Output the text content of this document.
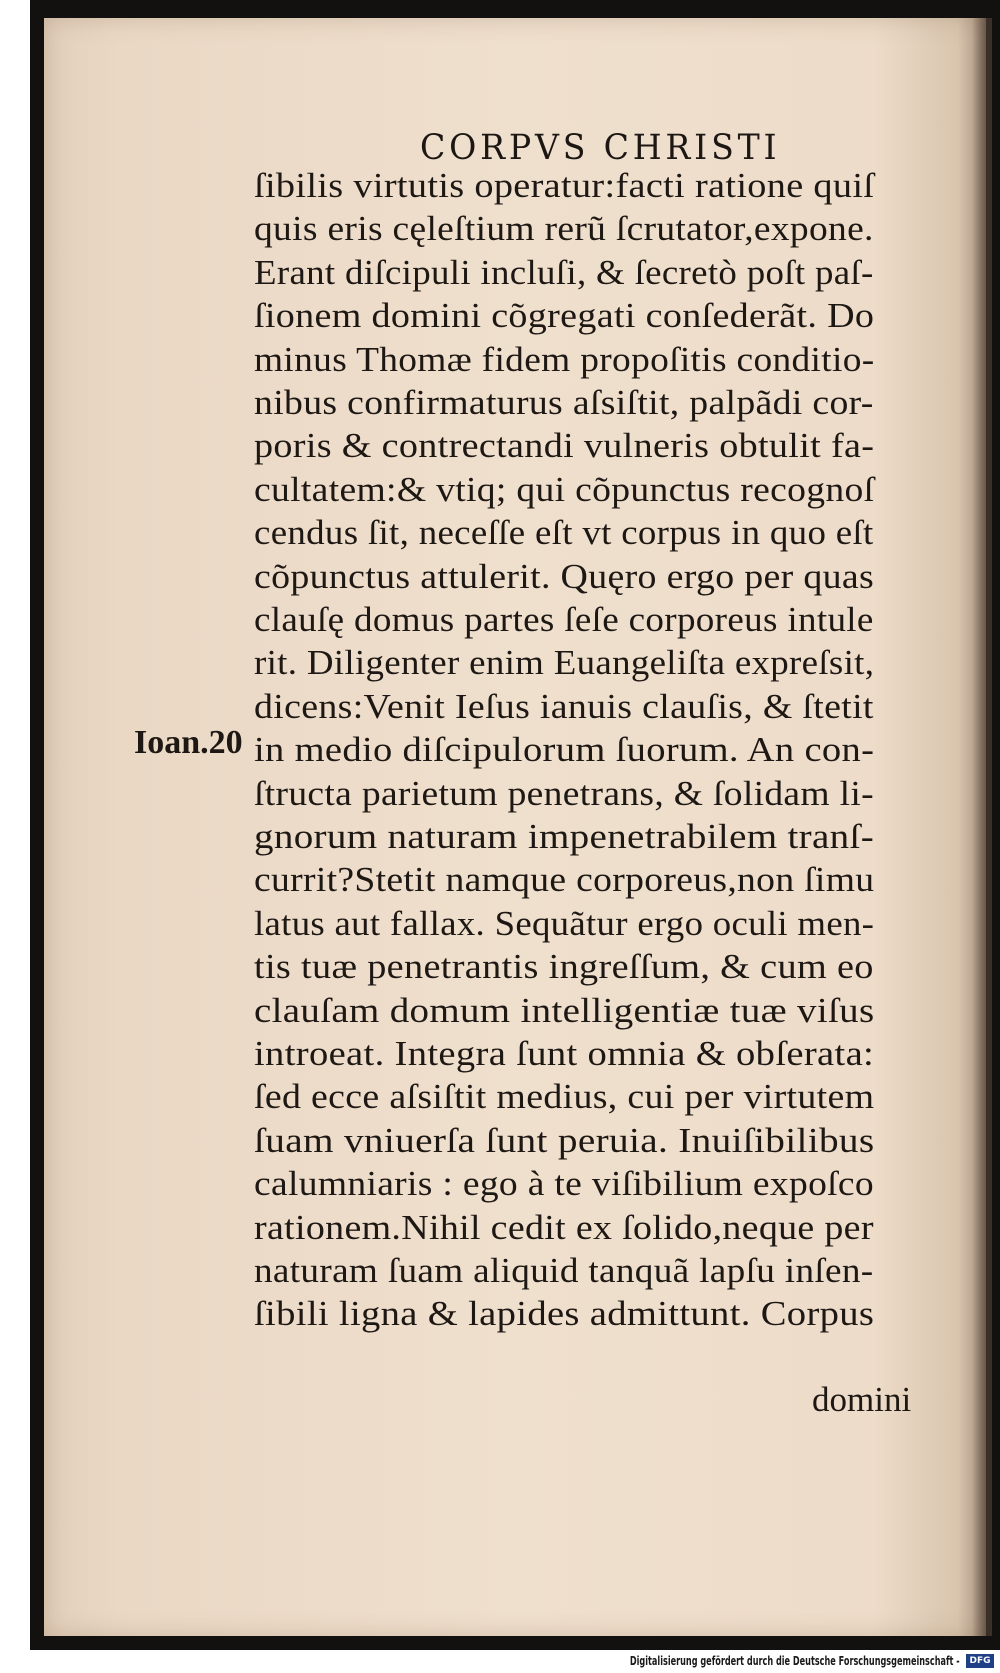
CORPVS CHRISTI
Ioan.20
ſibilis virtutis operatur:facti ratione quiſ
quis eris cęleſtium rerũ ſcrutator,expone.
Erant diſcipuli incluſi, & ſecretò poſt paſ-
ſionem domini cõgregati conſederãt. Do
minus Thomæ fidem propoſitis conditio-
nibus confirmaturus aſsiſtit, palpãdi cor-
poris & contrectandi vulneris obtulit fa-
cultatem:& vtiq; qui cõpunctus recognoſ
cendus ſit, neceſſe eſt vt corpus in quo eſt
cõpunctus attulerit. Quęro ergo per quas
clauſę domus partes ſeſe corporeus intule
rit. Diligenter enim Euangeliſta expreſsit,
dicens:Venit Ieſus ianuis clauſis, & ſtetit
in medio diſcipulorum ſuorum. An con-
ſtructa parietum penetrans, & ſolidam li-
gnorum naturam impenetrabilem tranſ-
currit?Stetit namque corporeus,non ſimu
latus aut fallax. Sequãtur ergo oculi men-
tis tuæ penetrantis ingreſſum, & cum eo
clauſam domum intelligentiæ tuæ viſus
introeat. Integra ſunt omnia & obſerata:
ſed ecce aſsiſtit medius, cui per virtutem
ſuam vniuerſa ſunt peruia. Inuiſibilibus
calumniaris : ego à te viſibilium expoſco
rationem.Nihil cedit ex ſolido,neque per
naturam ſuam aliquid tanquã lapſu inſen-
ſibili ligna & lapides admittunt. Corpus
domini
Digitalisierung gefördert durch die Deutsche Forschungsgemeinschaft -	DFG
